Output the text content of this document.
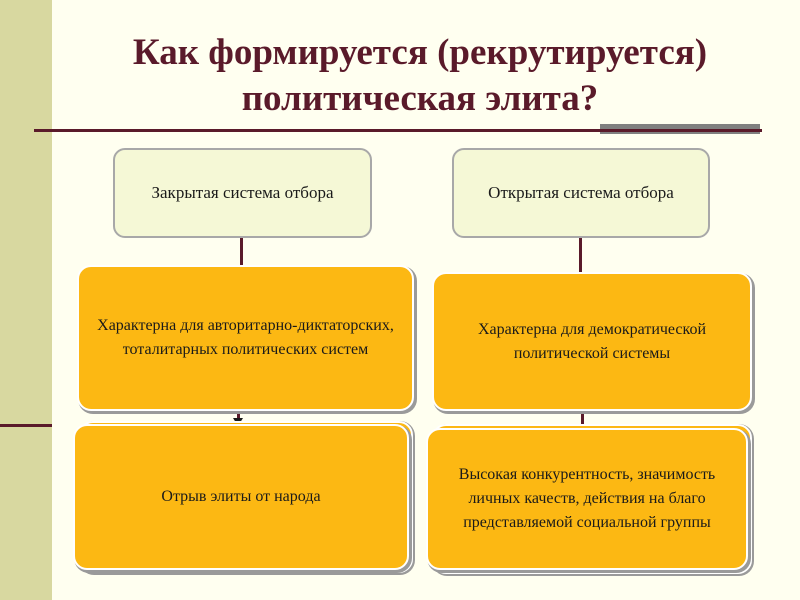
Как формируется (рекрутируется)
политическая элита?
Закрытая система отбора	Открытая система отбора
Характерна для авторитарно-диктаторских, тоталитарных политических систем
Характерна для демократической политической системы
Отрыв элиты от народа
Высокая конкурентность, значимость личных качеств, действия на благо представляемой социальной группы
